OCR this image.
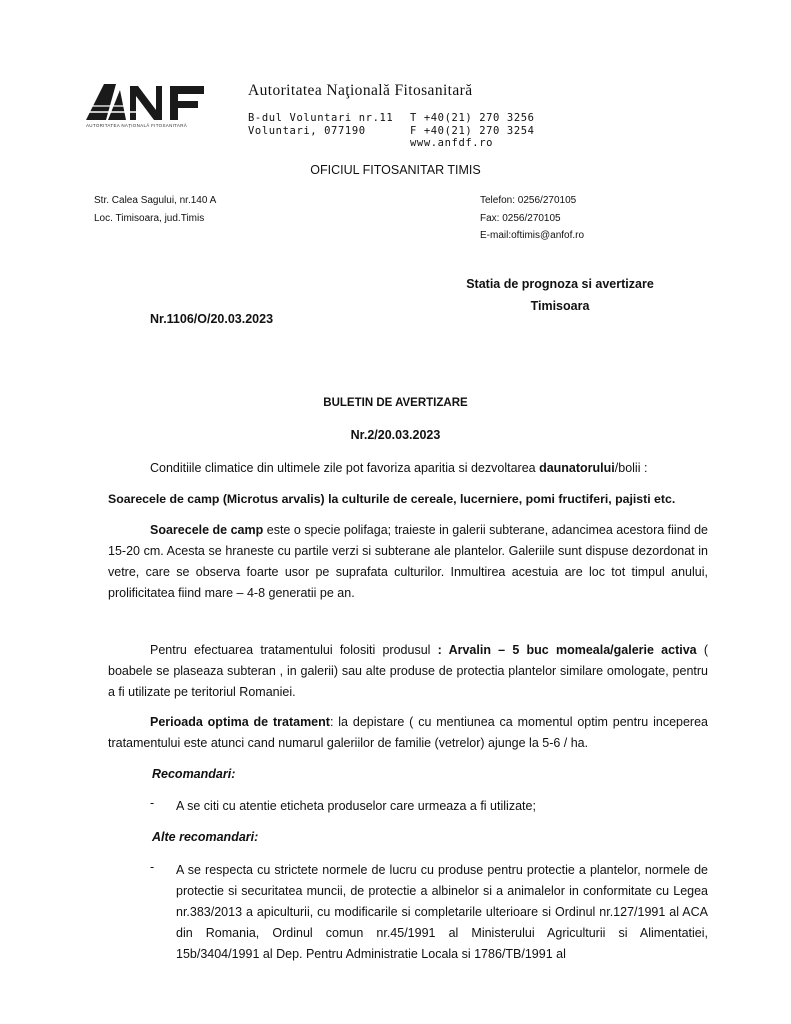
AUTORITATEA NAȚIONALĂ FITOSANITARĂ
Autoritatea Naţională Fitosanitară
B-dul Voluntari nr.11
Voluntari, 077190
T +40(21) 270 3256
F +40(21) 270 3254
www.anfdf.ro
OFICIUL FITOSANITAR TIMIS
Str. Calea Sagului, nr.140 A
Loc. Timisoara, jud.Timis
Telefon: 0256/270105
Fax: 0256/270105
E-mail:oftimis@anfof.ro
Statia de prognoza si avertizare
Timisoara
Nr.1106/O/20.03.2023
BULETIN DE AVERTIZARE
Nr.2/20.03.2023
Conditiile climatice din ultimele zile pot favoriza aparitia si dezvoltarea daunatorului/bolii :
Soarecele de camp (Microtus arvalis) la culturile de cereale, lucerniere, pomi fructiferi, pajisti etc.
Soarecele de camp este o specie polifaga; traieste in galerii subterane, adancimea acestora fiind de 15-20 cm. Acesta se hraneste cu partile verzi si subterane ale plantelor. Galeriile sunt dispuse dezordonat in vetre, care se observa foarte usor pe suprafata culturilor. Inmultirea acestuia are loc tot timpul anului, prolificitatea fiind mare – 4-8 generatii pe an.
Pentru efectuarea tratamentului folositi produsul : Arvalin – 5 buc momeala/galerie activa ( boabele se plaseaza subteran , in galerii) sau alte produse de protectia plantelor similare omologate, pentru a fi utilizate pe teritoriul Romaniei.
Perioada optima de tratament: la depistare ( cu mentiunea ca momentul optim pentru inceperea tratamentului este atunci cand numarul galeriilor de familie (vetrelor) ajunge la 5-6 / ha.
Recomandari:
- A se citi cu atentie eticheta produselor care urmeaza a fi utilizate;
Alte recomandari:
- A se respecta cu strictete normele de lucru cu produse pentru protectie a plantelor, normele de protectie si securitatea muncii, de protectie a albinelor si a animalelor in conformitate cu Legea nr.383/2013 a apiculturii, cu modificarile si completarile ulterioare si Ordinul nr.127/1991 al ACA din Romania, Ordinul comun nr.45/1991 al Ministerului Agriculturii si Alimentatiei, 15b/3404/1991 al Dep. Pentru Administratie Locala si 1786/TB/1991 al
